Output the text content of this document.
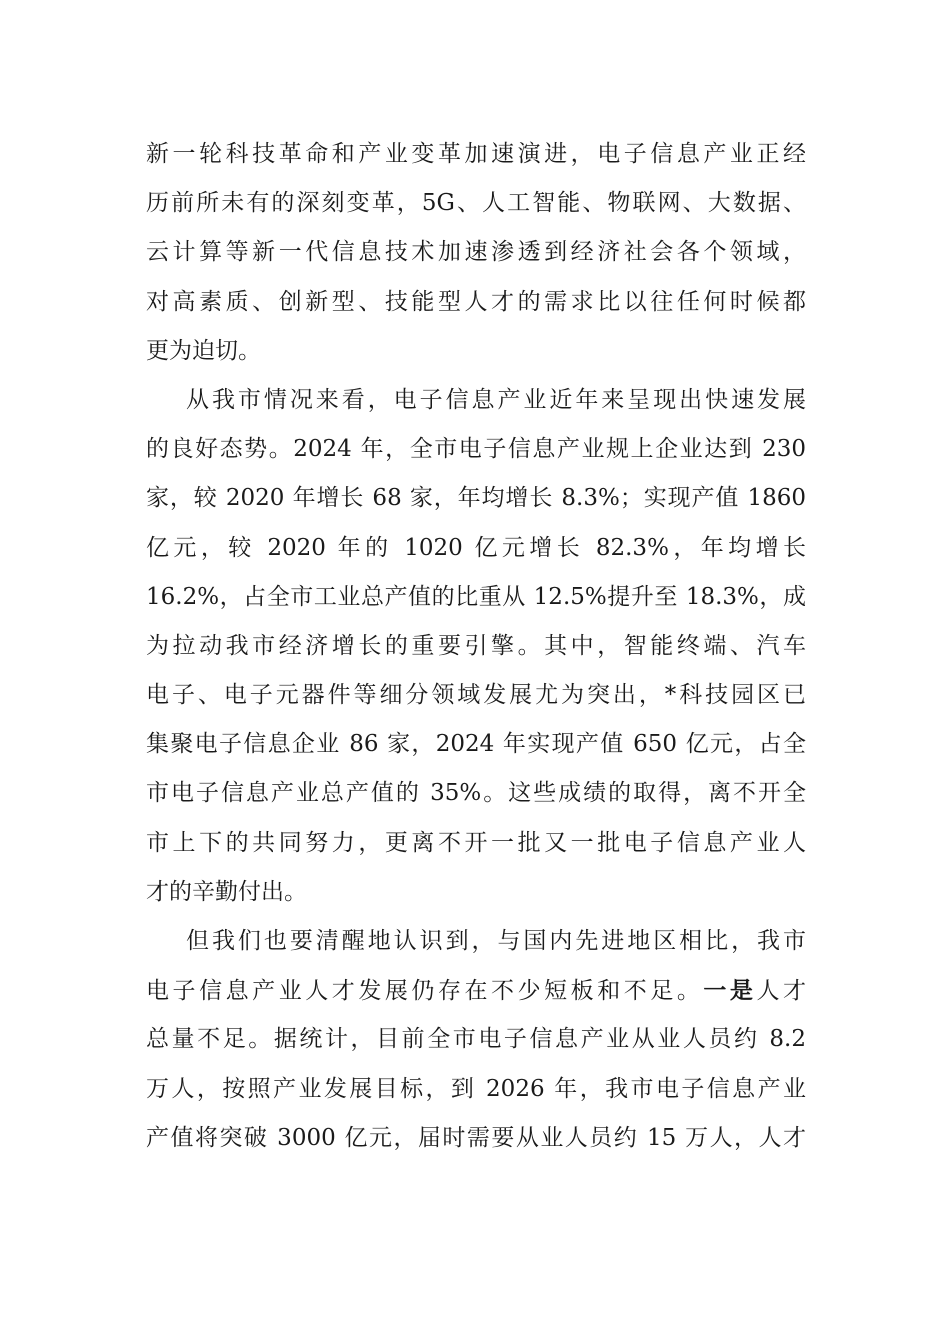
新一轮科技革命和产业变革加速演进，电子信息产业正经
历前所未有的深刻变革，5G、人工智能、物联网、大数据、
云计算等新一代信息技术加速渗透到经济社会各个领域，
对高素质、创新型、技能型人才的需求比以往任何时候都
更为迫切。
从我市情况来看，电子信息产业近年来呈现出快速发展
的良好态势。2024 年，全市电子信息产业规上企业达到 230
家，较 2020 年增长 68 家，年均增长 8.3%；实现产值 1860
亿元，较 2020 年的 1020 亿元增长 82.3%，年均增长
16.2%，占全市工业总产值的比重从 12.5%提升至 18.3%，成
为拉动我市经济增长的重要引擎。其中，智能终端、汽车
电子、电子元器件等细分领域发展尤为突出，*科技园区已
集聚电子信息企业 86 家，2024 年实现产值 650 亿元，占全
市电子信息产业总产值的 35%。这些成绩的取得，离不开全
市上下的共同努力，更离不开一批又一批电子信息产业人
才的辛勤付出。
但我们也要清醒地认识到，与国内先进地区相比，我市
电子信息产业人才发展仍存在不少短板和不足。一是人才
总量不足。据统计，目前全市电子信息产业从业人员约 8.2
万人，按照产业发展目标，到 2026 年，我市电子信息产业
产值将突破 3000 亿元，届时需要从业人员约 15 万人，人才
